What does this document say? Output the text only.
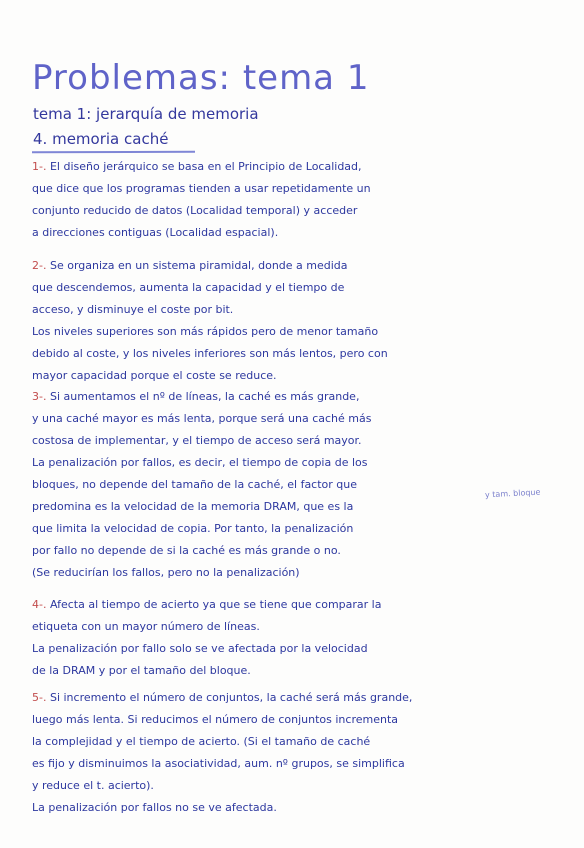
Problemas: tema 1
tema 1: jerarquía de memoria
4. memoria caché
1-. El diseño jerárquico se basa en el Principio de Localidad,
que dice que los programas tienden a usar repetidamente un
conjunto reducido de datos (Localidad temporal) y acceder
a direcciones contiguas (Localidad espacial).
2-. Se organiza en un sistema piramidal, donde a medida
que descendemos, aumenta la capacidad y el tiempo de
acceso, y disminuye el coste por bit.
Los niveles superiores son más rápidos pero de menor tamaño
debido al coste, y los niveles inferiores son más lentos, pero con
mayor capacidad porque el coste se reduce.
3-. Si aumentamos el nº de líneas, la caché es más grande,
y una caché mayor es más lenta, porque será una caché más
costosa de implementar, y el tiempo de acceso será mayor.
La penalización por fallos, es decir, el tiempo de copia de los
bloques, no depende del tamaño de la caché, el factor que
predomina es la velocidad de la memoria DRAM, que es la
que limita la velocidad de copia. Por tanto, la penalización
por fallo no depende de si la caché es más grande o no.
(Se reducirían los fallos, pero no la penalización)
y tam. bloque
4-. Afecta al tiempo de acierto ya que se tiene que comparar la
etiqueta con un mayor número de líneas.
La penalización por fallo solo se ve afectada por la velocidad
de la DRAM y por el tamaño del bloque.
5-. Si incremento el número de conjuntos, la caché será más grande,
luego más lenta. Si reducimos el número de conjuntos incrementa
la complejidad y el tiempo de acierto. (Si el tamaño de caché
es fijo y disminuimos la asociatividad, aum. nº grupos, se simplifica
y reduce el t. acierto).
La penalización por fallos no se ve afectada.
